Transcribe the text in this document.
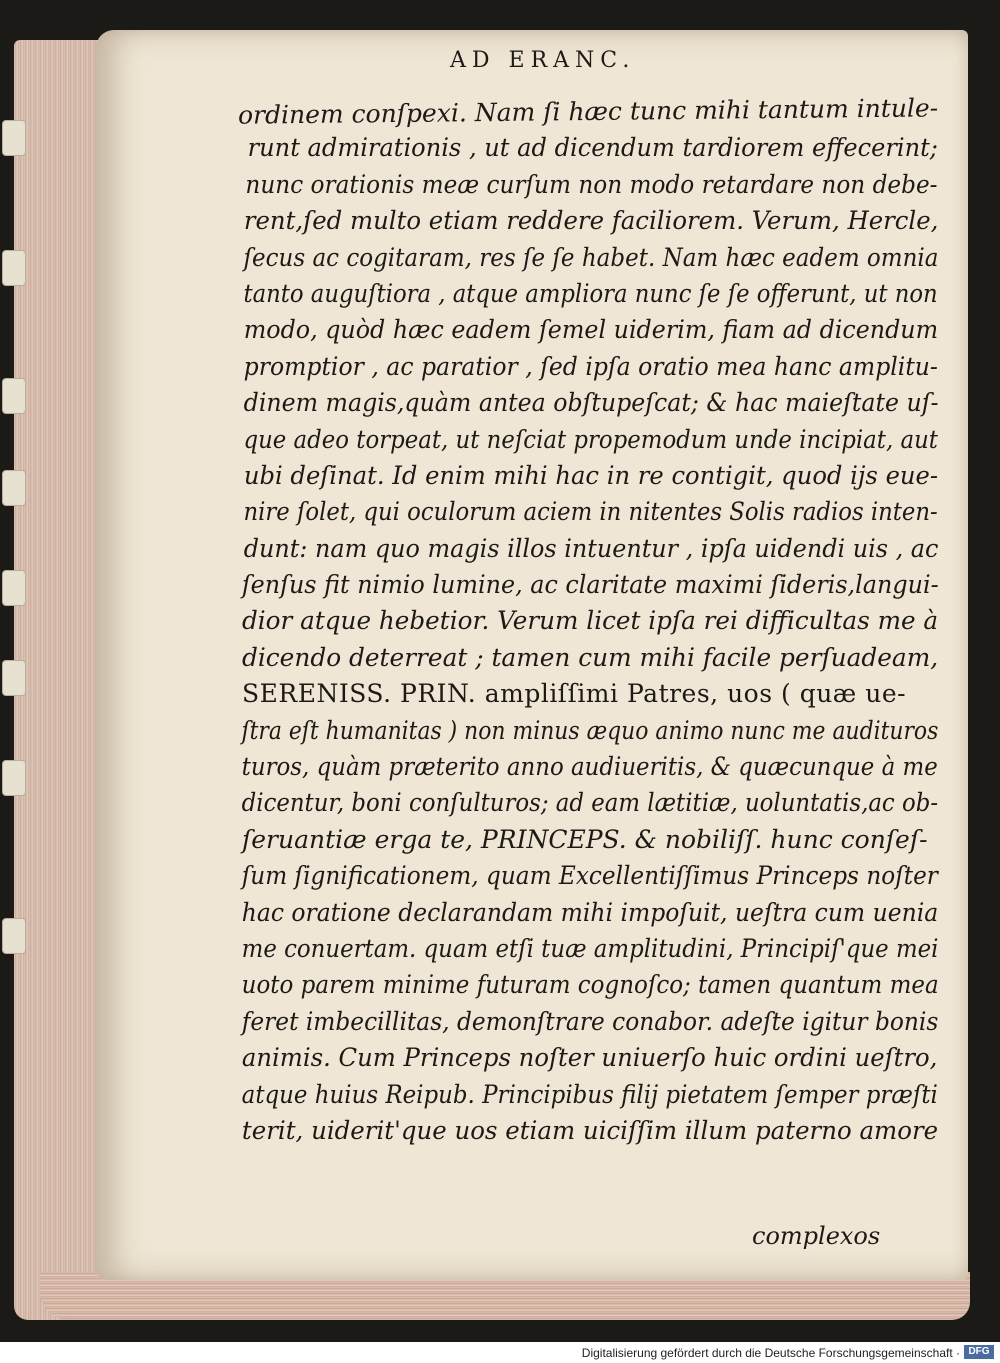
AD ERANC.
ordinem conſpexi. Nam ſi hæc tunc mihi tantum intule-
runt admirationis , ut ad dicendum tardiorem effecerint;
nunc orationis meæ curſum non modo retardare non debe-
rent,ſed multo etiam reddere faciliorem. Verum, Hercle,
ſecus ac cogitaram, res ſe ſe habet. Nam hæc eadem omnia
tanto auguſtiora , atque ampliora nunc ſe ſe offerunt, ut non
modo, quòd hæc eadem ſemel uiderim, fiam ad dicendum
promptior , ac paratior , ſed ipſa oratio mea hanc amplitu-
dinem magis,quàm antea obſtupeſcat; & hac maieſtate uſ-
que adeo torpeat, ut neſciat propemodum unde incipiat, aut
ubi deſinat. Id enim mihi hac in re contigit, quod ijs eue-
nire ſolet, qui oculorum aciem in nitentes Solis radios inten-
dunt: nam quo magis illos intuentur , ipſa uidendi uis , ac
ſenſus fit nimio lumine, ac claritate maximi ſideris,langui-
dior atque hebetior. Verum licet ipſa rei difficultas me à
dicendo deterreat ; tamen cum mihi facile perſuadeam,
SERENISS. PRIN. ampliſſimi Patres, uos ( quæ ue-
ſtra eſt humanitas ) non minus æquo animo nunc me audituros
turos, quàm præterito anno audiueritis, & quæcunque à me
dicentur, boni conſulturos; ad eam lætitiæ, uoluntatis,ac ob-
ſeruantiæ erga te, PRINCEPS. & nobiliſſ. hunc conſeſ-
ſum ſignificationem, quam Excellentiſſimus Princeps noſter
hac oratione declarandam mihi impoſuit, ueſtra cum uenia
me conuertam. quam etſi tuæ amplitudini, Principiſ'que mei
uoto parem minime futuram cognoſco; tamen quantum mea
feret imbecillitas, demonſtrare conabor. adeſte igitur bonis
animis. Cum Princeps noſter uniuerſo huic ordini ueſtro,
atque huius Reipub. Principibus filij pietatem ſemper præſti
terit, uiderit'que uos etiam uiciſſim illum paterno amore
complexos
Digitalisierung gefördert durch die Deutsche Forschungsgemeinschaft · DFG
